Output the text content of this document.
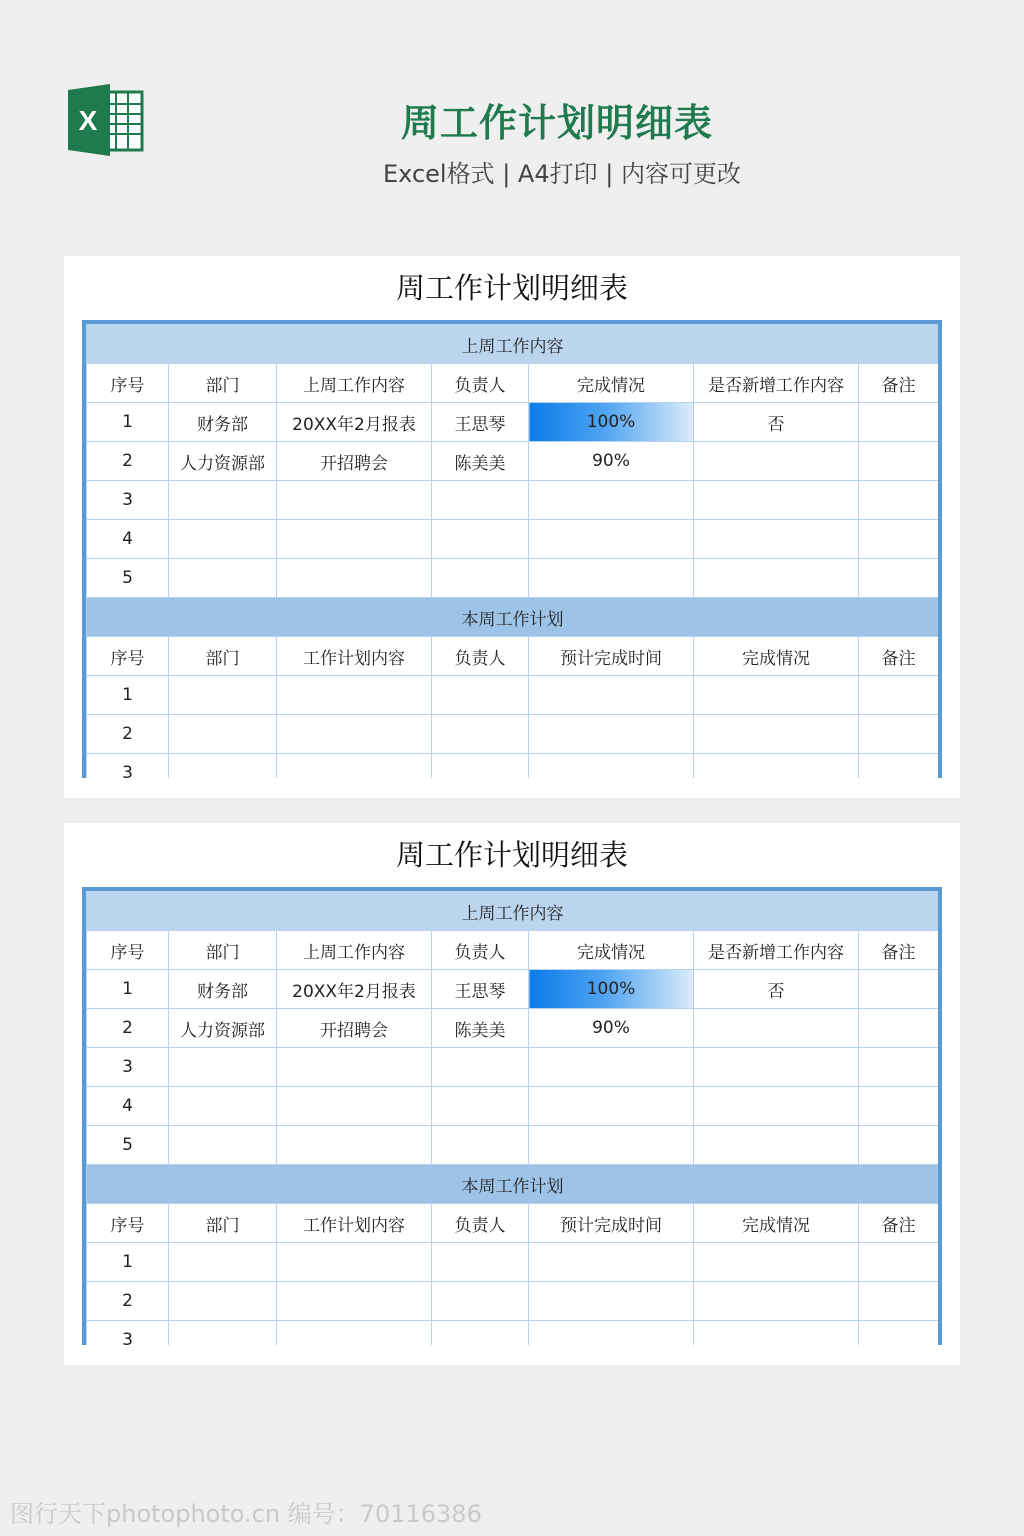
X	周工作计划明细表
Excel格式 | A4打印 | 内容可更改
周工作计划明细表
上周工作内容						
序号	部门	上周工作内容	负责人	完成情况	是否新增工作内容	备注
1	财务部	20XX年2月报表	王思琴	100%	否	
2	人力资源部	开招聘会	陈美美	90%		
3						
4						
5						
本周工作计划						
序号	部门	工作计划内容	负责人	预计完成时间	完成情况	备注
1						
2						
3						
周工作计划明细表
上周工作内容						
序号	部门	上周工作内容	负责人	完成情况	是否新增工作内容	备注
1	财务部	20XX年2月报表	王思琴	100%	否	
2	人力资源部	开招聘会	陈美美	90%		
3						
4						
5						
本周工作计划						
序号	部门	工作计划内容	负责人	预计完成时间	完成情况	备注
1						
2						
3						
图行天下photophoto.cn 编号：70116386
